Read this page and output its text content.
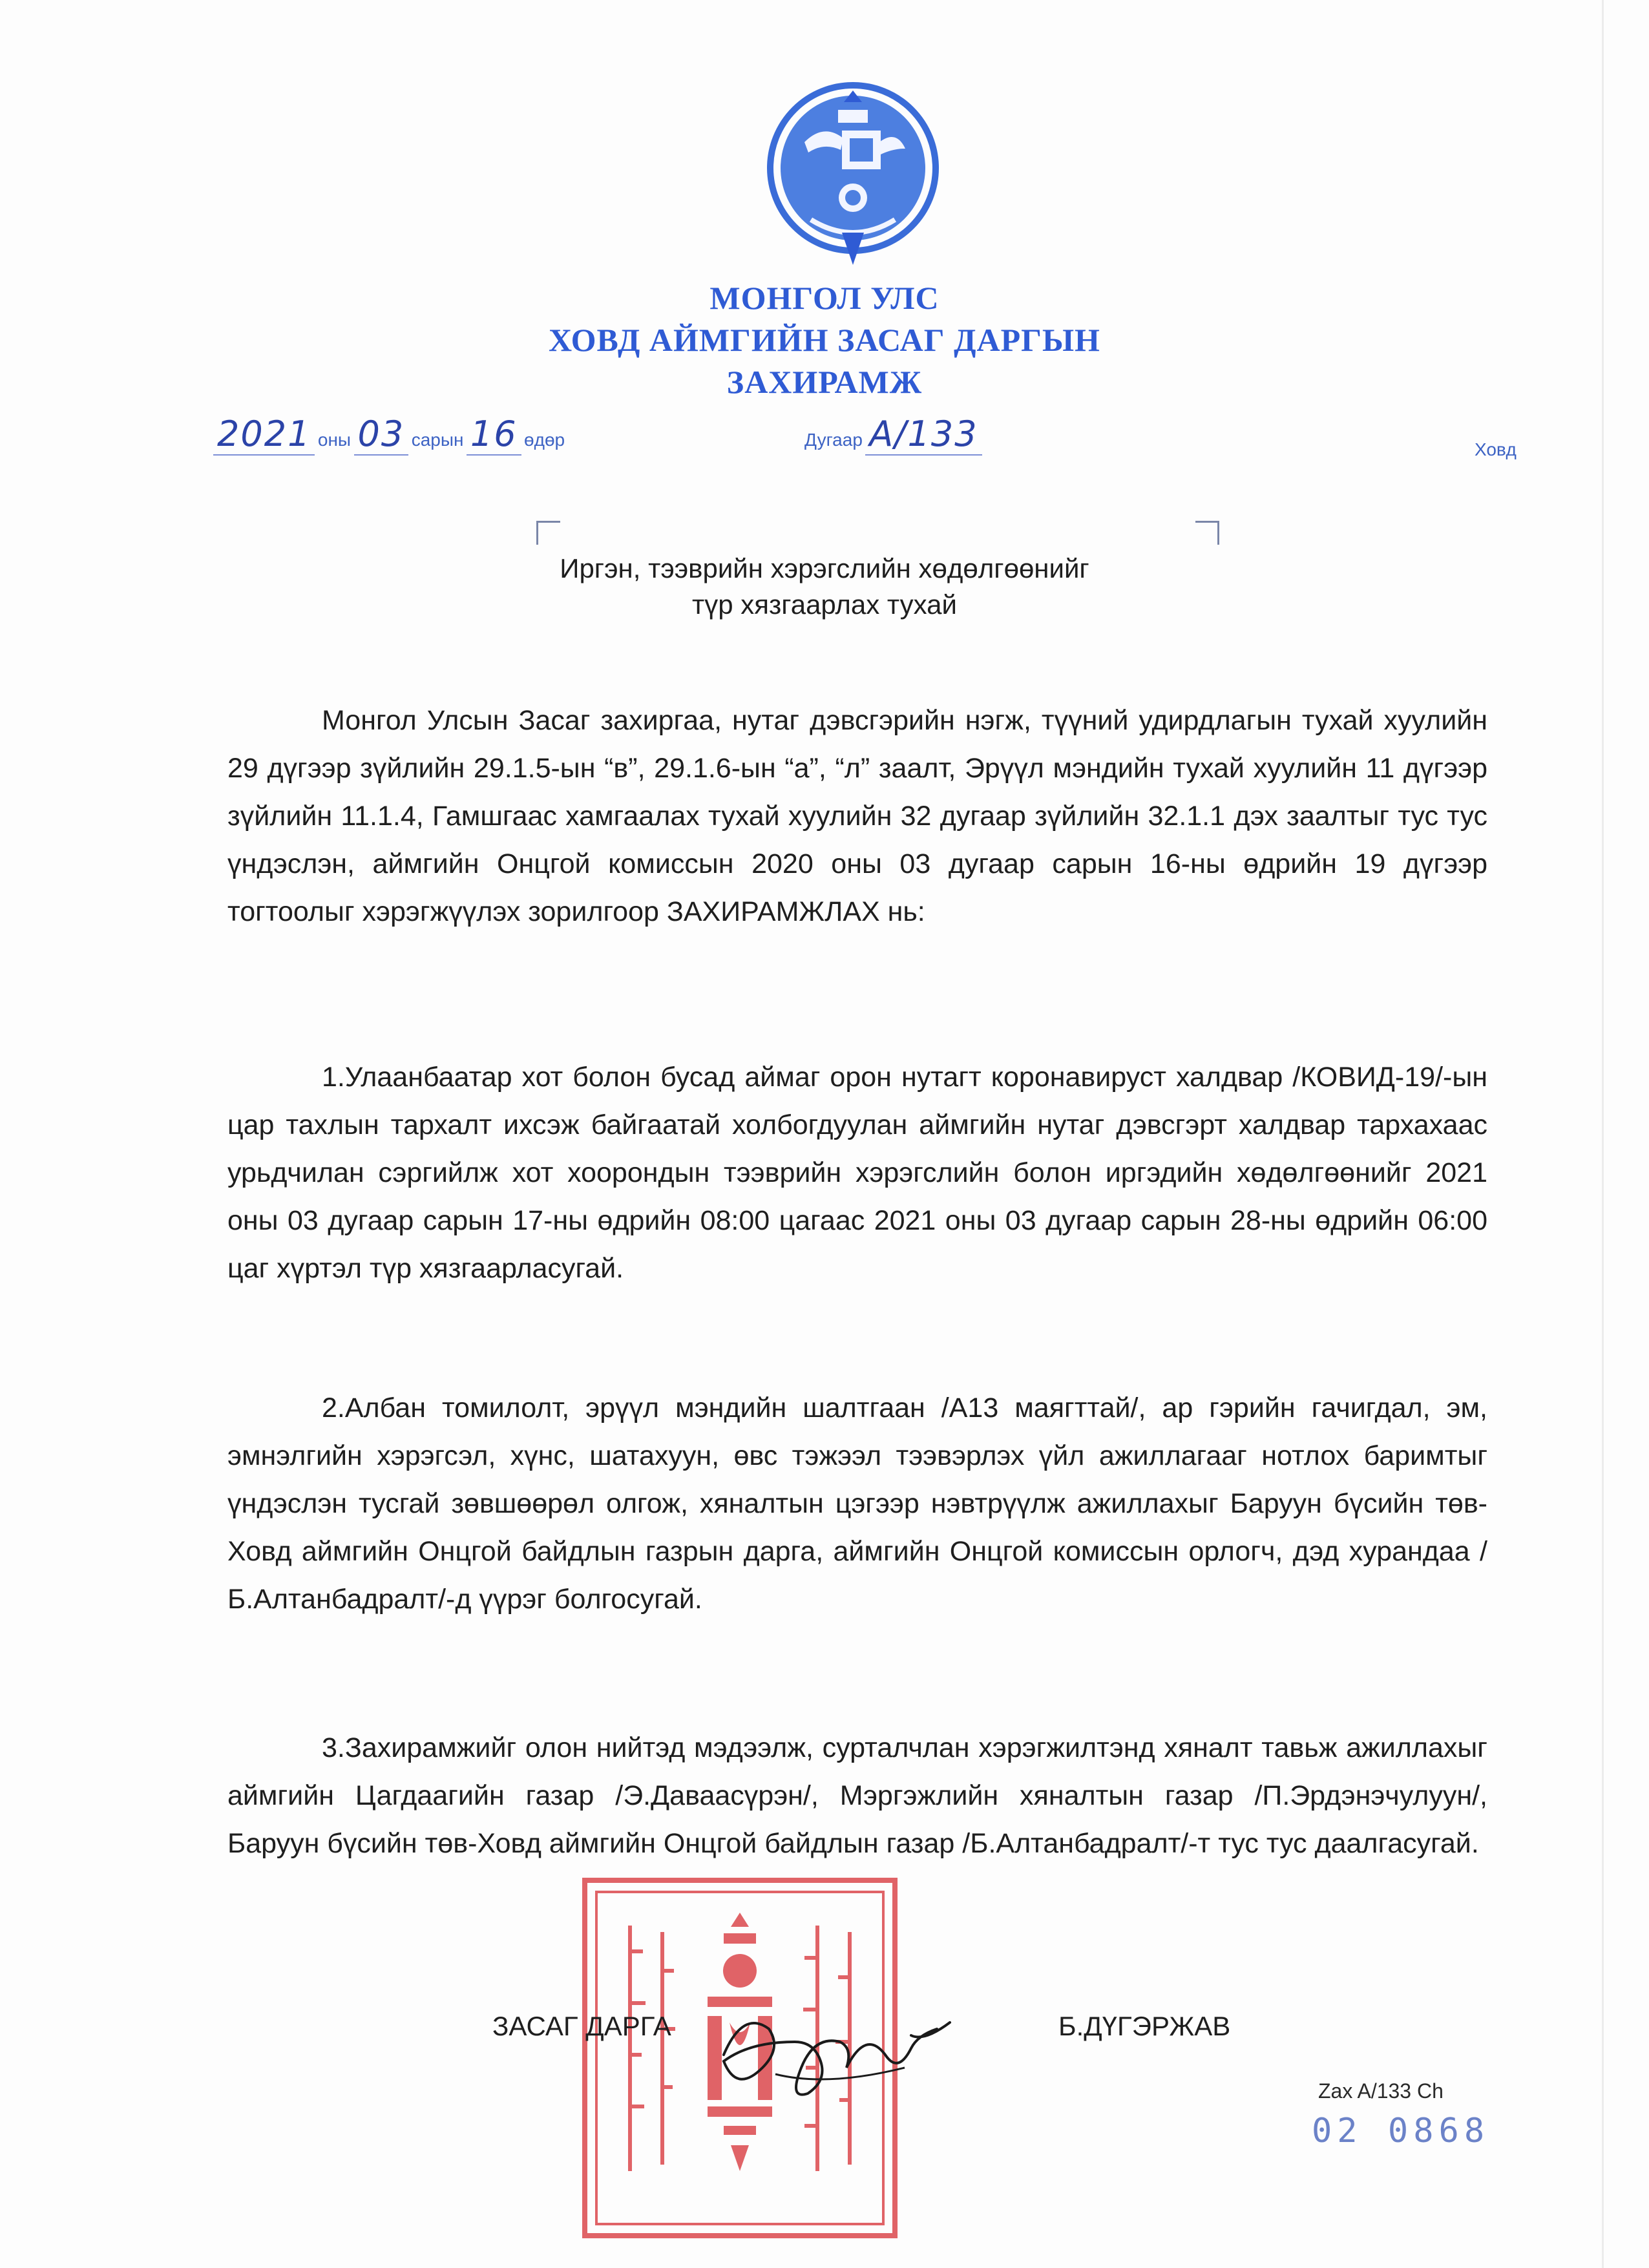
МОНГОЛ УЛС
ХОВД АЙМГИЙН ЗАСАГ ДАРГЫН
ЗАХИРАМЖ
2021 оны 03 сарын 16 өдөр	Дугаар А/133	Ховд
Иргэн, тээврийн хэрэгслийн хөдөлгөөнийг
түр хязгаарлах тухай
Монгол Улсын Засаг захиргаа, нутаг дэвсгэрийн нэгж, түүний удирдлагын тухай хуулийн 29 дүгээр зүйлийн 29.1.5-ын “в”, 29.1.6-ын “а”, “л” заалт, Эрүүл мэндийн тухай хуулийн 11 дүгээр зүйлийн 11.1.4, Гамшгаас хамгаалах тухай хуулийн 32 дугаар зүйлийн 32.1.1 дэх заалтыг тус тус үндэслэн, аймгийн Онцгой комиссын 2020 оны 03 дугаар сарын 16-ны өдрийн 19 дүгээр тогтоолыг хэрэгжүүлэх зорилгоор ЗАХИРАМЖЛАХ нь:
1.Улаанбаатар хот болон бусад аймаг орон нутагт коронавируст халдвар /КОВИД-19/-ын цар тахлын тархалт ихсэж байгаатай холбогдуулан аймгийн нутаг дэвсгэрт халдвар тархахаас урьдчилан сэргийлж хот хоорондын тээврийн хэрэгслийн болон иргэдийн хөдөлгөөнийг 2021 оны 03 дугаар сарын 17-ны өдрийн 08:00 цагаас 2021 оны 03 дугаар сарын 28-ны өдрийн 06:00 цаг хүртэл түр хязгаарласугай.
2.Албан томилолт, эрүүл мэндийн шалтгаан /А13 маягттай/, ар гэрийн гачигдал, эм, эмнэлгийн хэрэгсэл, хүнс, шатахуун, өвс тэжээл тээвэрлэх үйл ажиллагааг нотлох баримтыг үндэслэн тусгай зөвшөөрөл олгож, хяналтын цэгээр нэвтрүүлж ажиллахыг Баруун бүсийн төв-Ховд аймгийн Онцгой байдлын газрын дарга, аймгийн Онцгой комиссын орлогч, дэд хурандаа /Б.Алтанбадралт/-д үүрэг болгосугай.
3.Захирамжийг олон нийтэд мэдээлж, сурталчлан хэрэгжилтэнд хяналт тавьж ажиллахыг аймгийн Цагдаагийн газар /Э.Даваасүрэн/, Мэргэжлийн хяналтын газар /П.Эрдэнэчулуун/, Баруун бүсийн төв-Ховд аймгийн Онцгой байдлын газар /Б.Алтанбадралт/-т тус тус даалгасугай.
ЗАСАГ ДАРГА	Б.ДҮГЭРЖАВ
Zax A/133 Ch
02 0868
